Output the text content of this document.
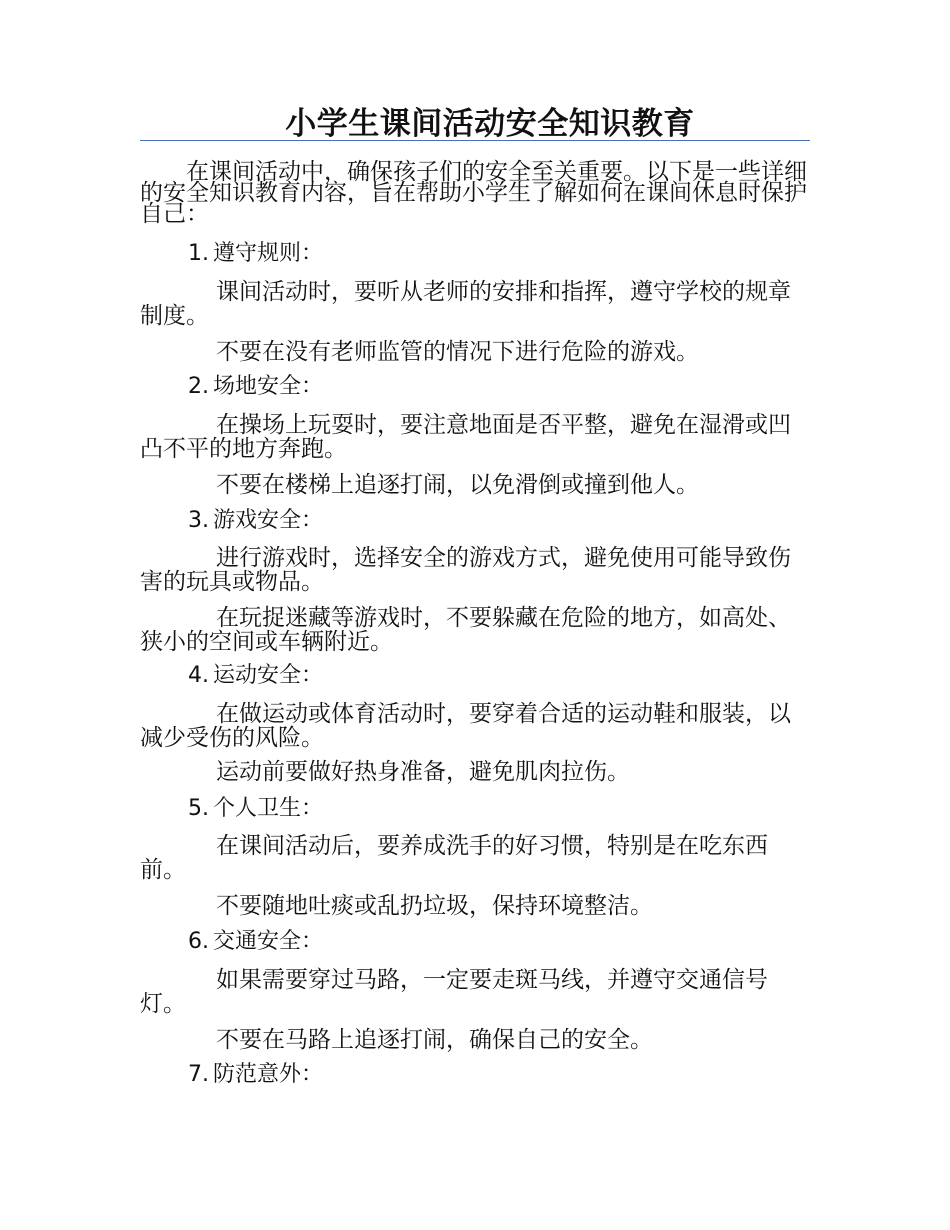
小学生课间活动安全知识教育

在课间活动中，确保孩子们的安全至关重要。以下是一些详细的安全知识教育内容，旨在帮助小学生了解如何在课间休息时保护自己：

1. 遵守规则：

课间活动时，要听从老师的安排和指挥，遵守学校的规章制度。

不要在没有老师监管的情况下进行危险的游戏。

2. 场地安全：

在操场上玩耍时，要注意地面是否平整，避免在湿滑或凹凸不平的地方奔跑。

不要在楼梯上追逐打闹，以免滑倒或撞到他人。

3. 游戏安全：

进行游戏时，选择安全的游戏方式，避免使用可能导致伤害的玩具或物品。

在玩捉迷藏等游戏时，不要躲藏在危险的地方，如高处、狭小的空间或车辆附近。

4. 运动安全：

在做运动或体育活动时，要穿着合适的运动鞋和服装，以减少受伤的风险。

运动前要做好热身准备，避免肌肉拉伤。

5. 个人卫生：

在课间活动后，要养成洗手的好习惯，特别是在吃东西前。

不要随地吐痰或乱扔垃圾，保持环境整洁。

6. 交通安全：

如果需要穿过马路，一定要走斑马线，并遵守交通信号灯。

不要在马路上追逐打闹，确保自己的安全。

7. 防范意外：
